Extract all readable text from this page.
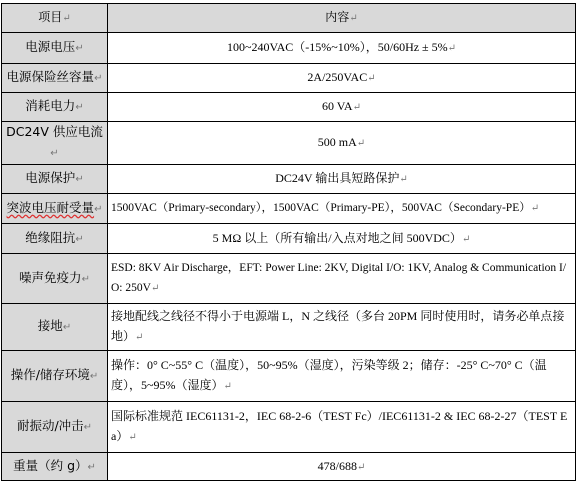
项目↵	内容↵
电源电压↵	100~240VAC（-15%~10%），50/60Hz ± 5%↵
电源保险丝容量↵	2A/250VAC↵
消耗电力↵	60 VA↵
DC24V 供应电流↵	500 mA↵
电源保护↵	DC24V 输出具短路保护↵
突波电压耐受量↵	1500VAC（Primary-secondary），1500VAC（Primary-PE），500VAC（Secondary-PE）↵
绝缘阻抗↵	5 MΩ 以上（所有输出/入点对地之间 500VDC）↵
噪声免疫力↵	ESD: 8KV Air Discharge，EFT: Power Line: 2KV, Digital I/O: 1KV, Analog & Communication I/O: 250V↵
接地↵	接地配线之线径不得小于电源端 L，N 之线径（多台 20PM 同时使用时，请务必单点接地）↵
操作/储存环境↵	操作：0° C~55° C（温度），50~95%（湿度），污染等级 2；储存：-25° C~70° C（温度），5~95%（湿度）↵
耐振动/冲击↵	国际标准规范 IEC61131-2，IEC 68-2-6（TEST Fc）/IEC61131-2 & IEC 68-2-27（TEST Ea）↵
重量（约 g）↵	478/688↵
